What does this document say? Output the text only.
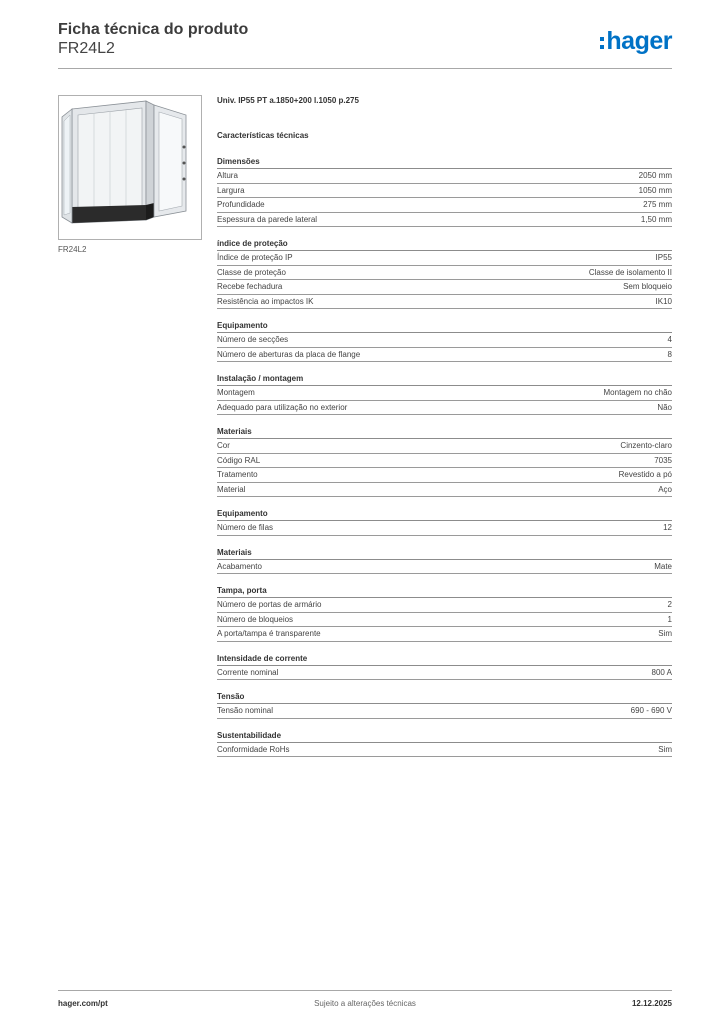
Ficha técnica do produto
FR24L2	hager
FR24L2
Univ. IP55 PT a.1850+200 l.1050 p.275
Características técnicas
Dimensões
Altura	2050 mm
Largura	1050 mm
Profundidade	275 mm
Espessura da parede lateral	1,50 mm
índice de proteção
Índice de proteção IP	IP55
Classe de proteção	Classe de isolamento II
Recebe fechadura	Sem bloqueio
Resistência ao impactos IK	IK10
Equipamento
Número de secções	4
Número de aberturas da placa de flange	8
Instalação / montagem
Montagem	Montagem no chão
Adequado para utilização no exterior	Não
Materiais
Cor	Cinzento-claro
Código RAL	7035
Tratamento	Revestido a pó
Material	Aço
Equipamento
Número de filas	12
Materiais
Acabamento	Mate
Tampa, porta
Número de portas de armário	2
Número de bloqueios	1
A porta/tampa é transparente	Sim
Intensidade de corrente
Corrente nominal	800 A
Tensão
Tensão nominal	690 - 690 V
Sustentabilidade
Conformidade RoHs	Sim
hager.com/pt	Sujeito a alterações técnicas	12.12.2025
